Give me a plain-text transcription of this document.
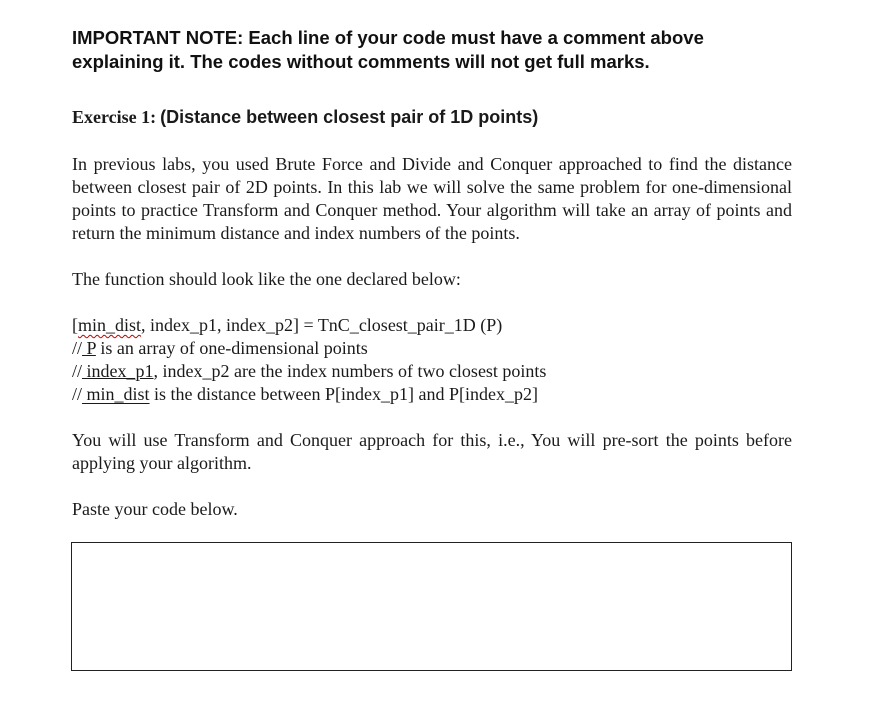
IMPORTANT NOTE: Each line of your code must have a comment above
explaining it. The codes without comments will not get full marks.
Exercise 1: (Distance between closest pair of 1D points)

In previous labs, you used Brute Force and Divide and Conquer approached to find the distance between closest pair of 2D points. In this lab we will solve the same problem for one-dimensional points to practice Transform and Conquer method. Your algorithm will take an array of points and return the minimum distance and index numbers of the points.

The function should look like the one declared below:

[min_dist, index_p1, index_p2] = TnC_closest_pair_1D (P)
// P is an array of one-dimensional points
// index_p1, index_p2 are the index numbers of two closest points
// min_dist is the distance between P[index_p1] and P[index_p2]

You will use Transform and Conquer approach for this, i.e., You will pre-sort the points before applying your algorithm.

Paste your code below.
